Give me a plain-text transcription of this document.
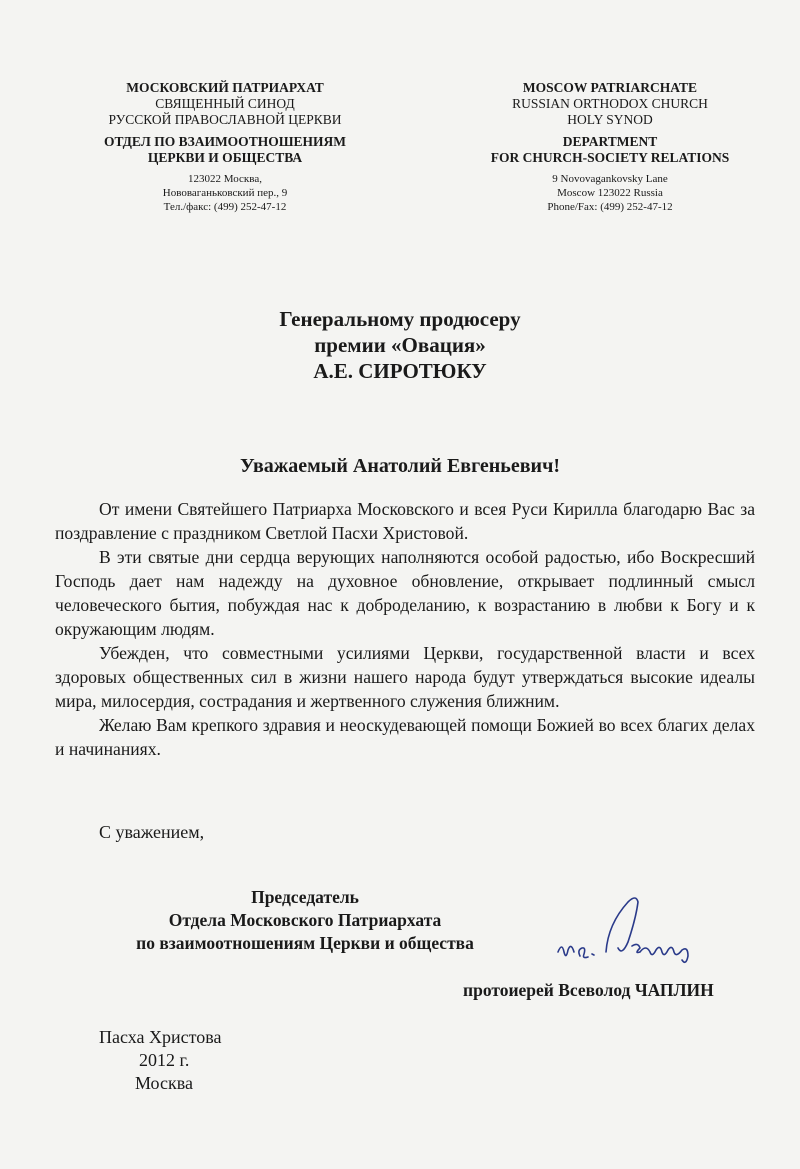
МОСКОВСКИЙ ПАТРИАРХАТ
СВЯЩЕННЫЙ СИНОД
РУССКОЙ ПРАВОСЛАВНОЙ ЦЕРКВИ
ОТДЕЛ ПО ВЗАИМООТНОШЕНИЯМ
ЦЕРКВИ И ОБЩЕСТВА
123022 Москва,
Нововаганьковский пер., 9
Тел./факс: (499) 252-47-12
MOSCOW PATRIARCHATE
RUSSIAN ORTHODOX CHURCH
HOLY SYNOD
DEPARTMENT
FOR CHURCH-SOCIETY RELATIONS
9 Novovagankovsky Lane
Moscow 123022 Russia
Phone/Fax: (499) 252-47-12
Генеральному продюсеру
премии «Овация»
А.Е. СИРОТЮКУ
Уважаемый Анатолий Евгеньевич!

От имени Святейшего Патриарха Московского и всея Руси Кирилла благодарю Вас за поздравление с праздником Светлой Пасхи Христовой.

В эти святые дни сердца верующих наполняются особой радостью, ибо Воскресший Господь дает нам надежду на духовное обновление, открывает подлинный смысл человеческого бытия, побуждая нас к доброделанию, к возрастанию в любви к Богу и к окружающим людям.

Убежден, что совместными усилиями Церкви, государственной власти и всех здоровых общественных сил в жизни нашего народа будут утверждаться высокие идеалы мира, милосердия, сострадания и жертвенного служения ближним.

Желаю Вам крепкого здравия и неоскудевающей помощи Божией во всех благих делах и начинаниях.

С уважением,
Председатель
Отдела Московского Патриархата
по взаимоотношениям Церкви и общества
протоиерей Всеволод ЧАПЛИН
Пасха Христова
2012 г.
Москва
